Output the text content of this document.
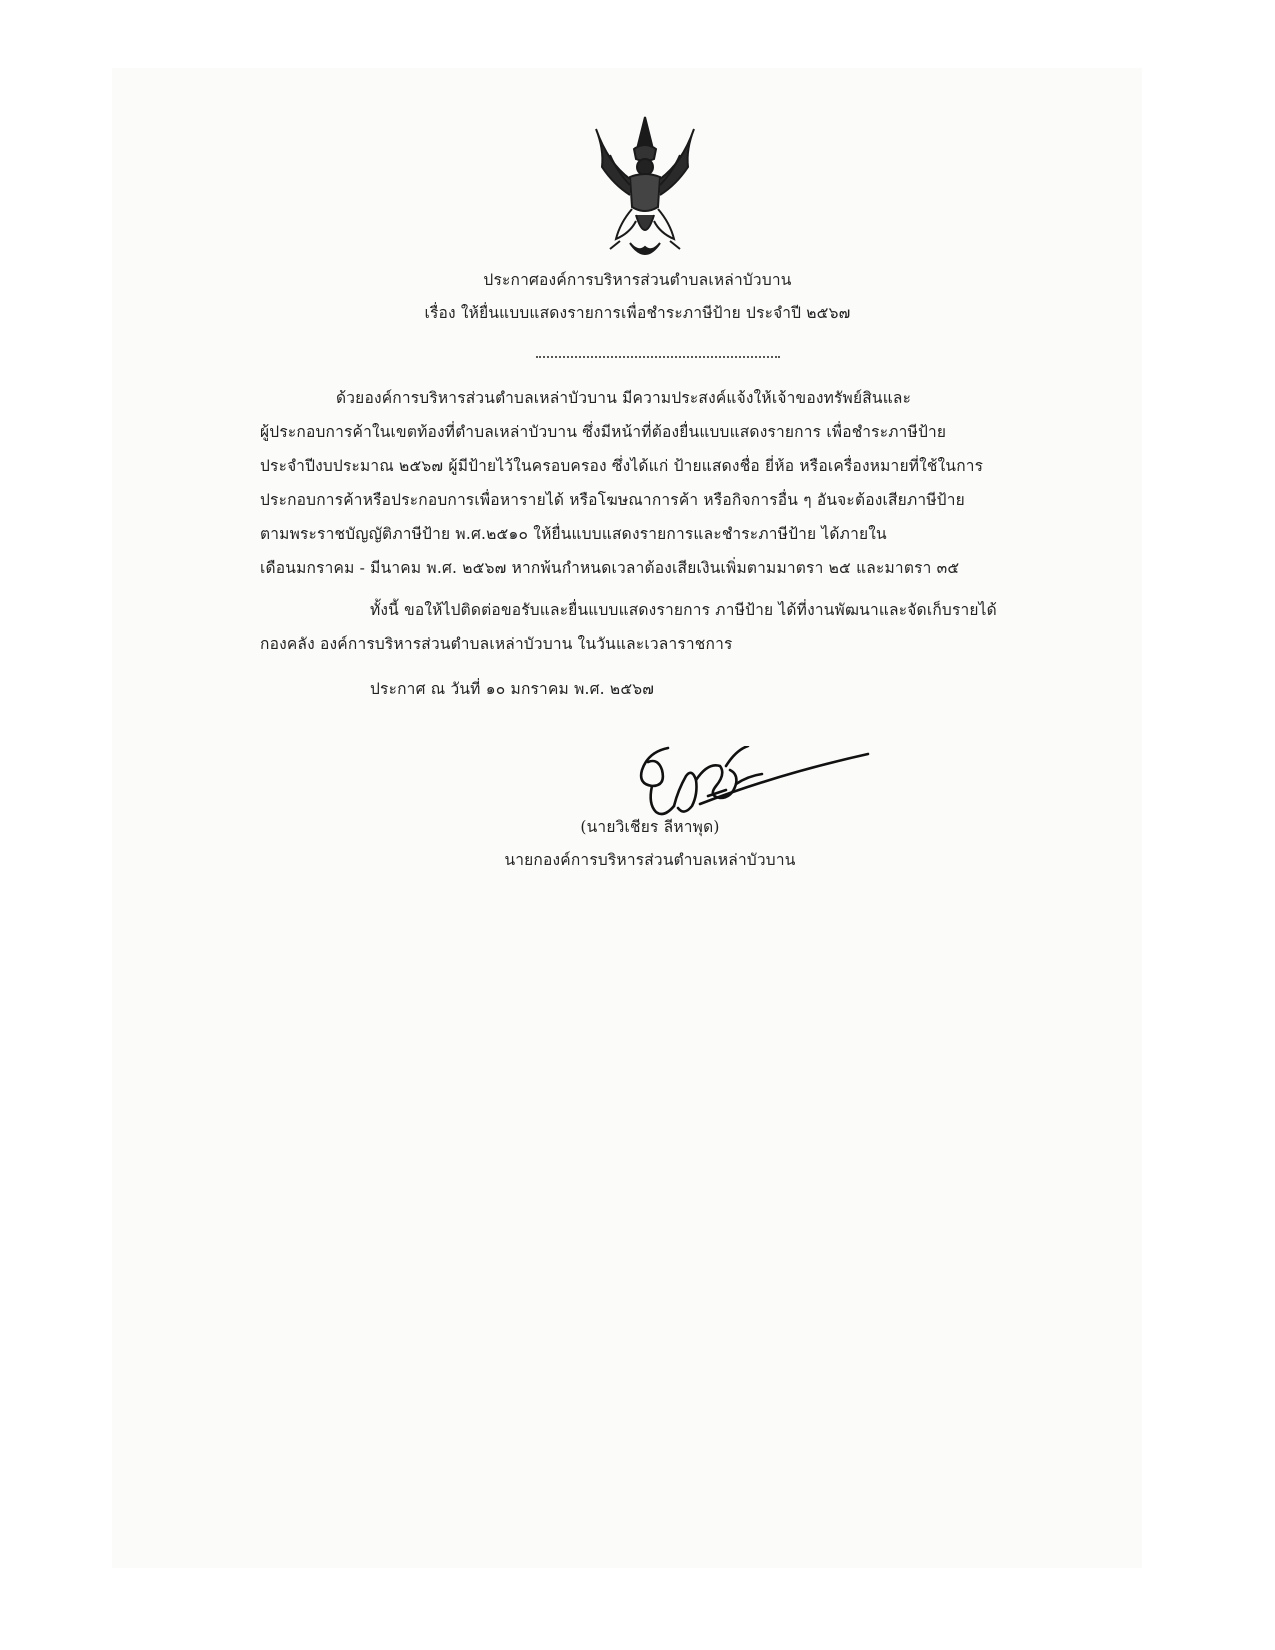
ประกาศองค์การบริหารส่วนตำบลเหล่าบัวบาน
เรื่อง ให้ยื่นแบบแสดงรายการเพื่อชำระภาษีป้าย ประจำปี ๒๕๖๗
ด้วยองค์การบริหารส่วนตำบลเหล่าบัวบาน มีความประสงค์แจ้งให้เจ้าของทรัพย์สินและ
ผู้ประกอบการค้าในเขตท้องที่ตำบลเหล่าบัวบาน ซึ่งมีหน้าที่ต้องยื่นแบบแสดงรายการ เพื่อชำระภาษีป้าย
ประจำปีงบประมาณ ๒๕๖๗ ผู้มีป้ายไว้ในครอบครอง ซึ่งได้แก่ ป้ายแสดงชื่อ ยี่ห้อ หรือเครื่องหมายที่ใช้ในการ
ประกอบการค้าหรือประกอบการเพื่อหารายได้ หรือโฆษณาการค้า หรือกิจการอื่น ๆ อันจะต้องเสียภาษีป้าย
ตามพระราชบัญญัติภาษีป้าย พ.ศ.๒๕๑๐ ให้ยื่นแบบแสดงรายการและชำระภาษีป้าย ได้ภายใน
เดือนมกราคม - มีนาคม พ.ศ. ๒๕๖๗ หากพ้นกำหนดเวลาต้องเสียเงินเพิ่มตามมาตรา ๒๕ และมาตรา ๓๕
ทั้งนี้ ขอให้ไปติดต่อขอรับและยื่นแบบแสดงรายการ ภาษีป้าย ได้ที่งานพัฒนาและจัดเก็บรายได้
กองคลัง องค์การบริหารส่วนตำบลเหล่าบัวบาน ในวันและเวลาราชการ
ประกาศ ณ วันที่ ๑๐ มกราคม พ.ศ. ๒๕๖๗
(นายวิเชียร ลีหาพุด)
นายกองค์การบริหารส่วนตำบลเหล่าบัวบาน
